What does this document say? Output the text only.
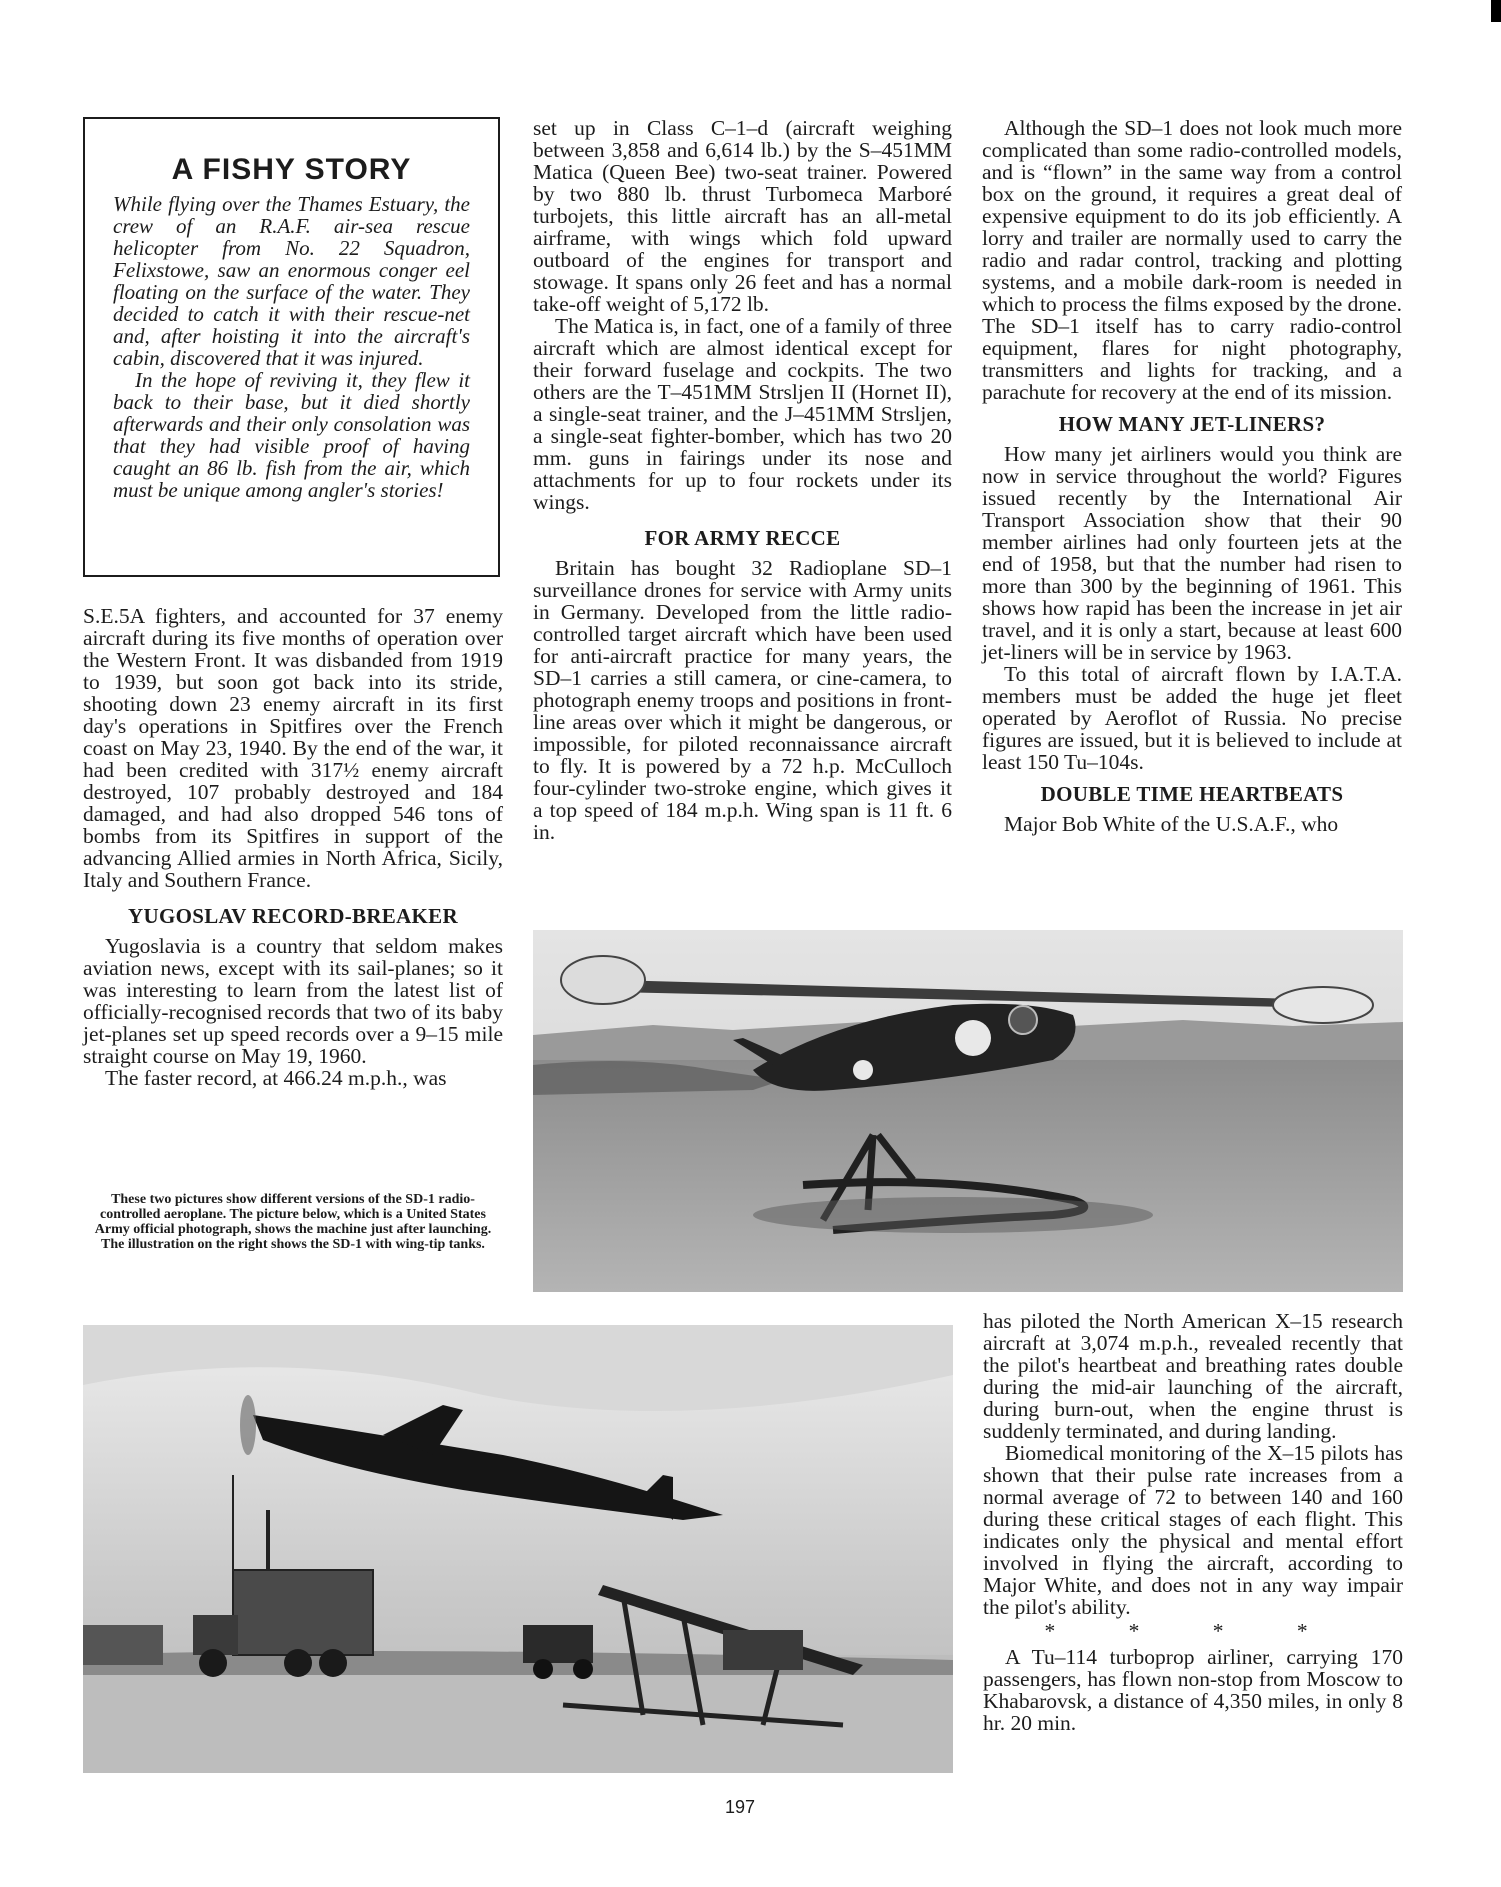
A FISHY STORY

While flying over the Thames Estuary, the crew of an R.A.F. air-sea rescue helicopter from No. 22 Squadron, Felixstowe, saw an enormous conger eel floating on the surface of the water. They decided to catch it with their rescue-net and, after hoisting it into the aircraft's cabin, discovered that it was injured.

In the hope of reviving it, they flew it back to their base, but it died shortly afterwards and their only consolation was that they had visible proof of having caught an 86 lb. fish from the air, which must be unique among angler's stories!

S.E.5A fighters, and accounted for 37 enemy aircraft during its five months of operation over the Western Front. It was disbanded from 1919 to 1939, but soon got back into its stride, shooting down 23 enemy aircraft in its first day's operations in Spitfires over the French coast on May 23, 1940. By the end of the war, it had been credited with 317½ enemy aircraft destroyed, 107 probably destroyed and 184 damaged, and had also dropped 546 tons of bombs from its Spitfires in support of the advancing Allied armies in North Africa, Sicily, Italy and Southern France.

YUGOSLAV RECORD-BREAKER

Yugoslavia is a country that seldom makes aviation news, except with its sail-planes; so it was interesting to learn from the latest list of officially-recognised records that two of its baby jet-planes set up speed records over a 9–15 mile straight course on May 19, 1960.

The faster record, at 466.24 m.p.h., was

These two pictures show different versions of the SD-1 radio-controlled aeroplane. The picture below, which is a United States Army official photograph, shows the machine just after launching. The illustration on the right shows the SD-1 with wing-tip tanks.

set up in Class C–1–d (aircraft weighing between 3,858 and 6,614 lb.) by the S–451MM Matica (Queen Bee) two-seat trainer. Powered by two 880 lb. thrust Turbomeca Marboré turbojets, this little aircraft has an all-metal airframe, with wings which fold upward outboard of the engines for transport and stowage. It spans only 26 feet and has a normal take-off weight of 5,172 lb.

The Matica is, in fact, one of a family of three aircraft which are almost identical except for their forward fuselage and cockpits. The two others are the T–451MM Strsljen II (Hornet II), a single-seat trainer, and the J–451MM Strsljen, a single-seat fighter-bomber, which has two 20 mm. guns in fairings under its nose and attachments for up to four rockets under its wings.

FOR ARMY RECCE

Britain has bought 32 Radioplane SD–1 surveillance drones for service with Army units in Germany. Developed from the little radio-controlled target aircraft which have been used for anti-aircraft practice for many years, the SD–1 carries a still camera, or cine-camera, to photograph enemy troops and positions in front-line areas over which it might be dangerous, or impossible, for piloted reconnaissance aircraft to fly. It is powered by a 72 h.p. McCulloch four-cylinder two-stroke engine, which gives it a top speed of 184 m.p.h. Wing span is 11 ft. 6 in.

Although the SD–1 does not look much more complicated than some radio-controlled models, and is “flown” in the same way from a control box on the ground, it requires a great deal of expensive equipment to do its job efficiently. A lorry and trailer are normally used to carry the radio and radar control, tracking and plotting systems, and a mobile dark-room is needed in which to process the films exposed by the drone. The SD–1 itself has to carry radio-control equipment, flares for night photography, transmitters and lights for tracking, and a parachute for recovery at the end of its mission.

HOW MANY JET-LINERS?

How many jet airliners would you think are now in service throughout the world? Figures issued recently by the International Air Transport Association show that their 90 member airlines had only fourteen jets at the end of 1958, but that the number had risen to more than 300 by the beginning of 1961. This shows how rapid has been the increase in jet air travel, and it is only a start, because at least 600 jet-liners will be in service by 1963.

To this total of aircraft flown by I.A.T.A. members must be added the huge jet fleet operated by Aeroflot of Russia. No precise figures are issued, but it is believed to include at least 150 Tu–104s.

DOUBLE TIME HEARTBEATS

Major Bob White of the U.S.A.F., who

has piloted the North American X–15 research aircraft at 3,074 m.p.h., revealed recently that the pilot's heartbeat and breathing rates double during the mid-air launching of the aircraft, during burn-out, when the engine thrust is suddenly terminated, and during landing.

Biomedical monitoring of the X–15 pilots has shown that their pulse rate increases from a normal average of 72 to between 140 and 160 during these critical stages of each flight. This indicates only the physical and mental effort involved in flying the aircraft, according to Major White, and does not in any way impair the pilot's ability.

* * * *

A Tu–114 turboprop airliner, carrying 170 passengers, has flown non-stop from Moscow to Khabarovsk, a distance of 4,350 miles, in only 8 hr. 20 min.

197
